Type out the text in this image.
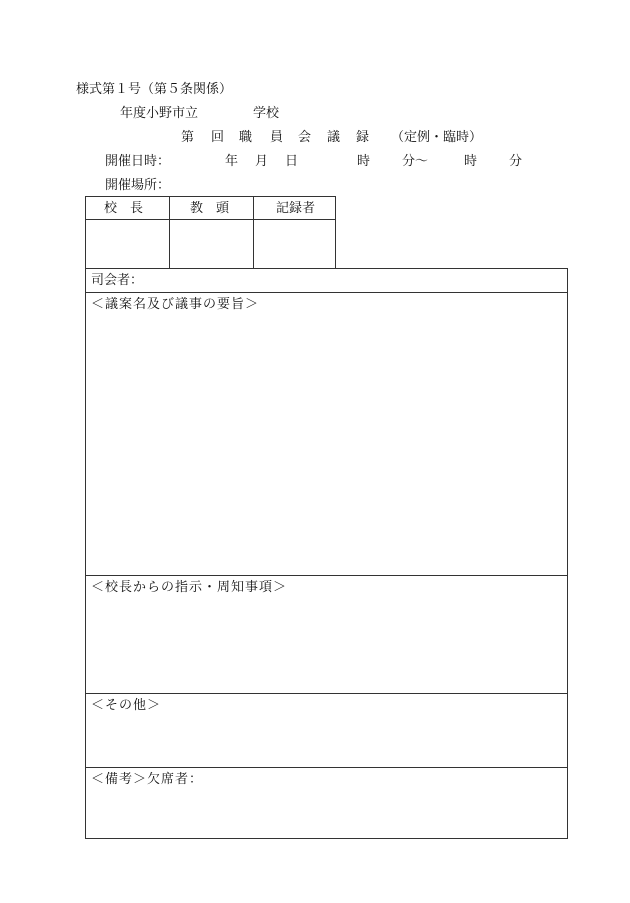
様式第１号（第５条関係）
年度小野市立	学校
第 回 職 員 会 議 録 （定例・臨時）
開催日時：	年 月 日	時 分～	時 分
開催場所：
校　長	教　頭	記録者
司会者：
＜議案名及び議事の要旨＞
＜校長からの指示・周知事項＞
＜その他＞
＜備考＞欠席者：
